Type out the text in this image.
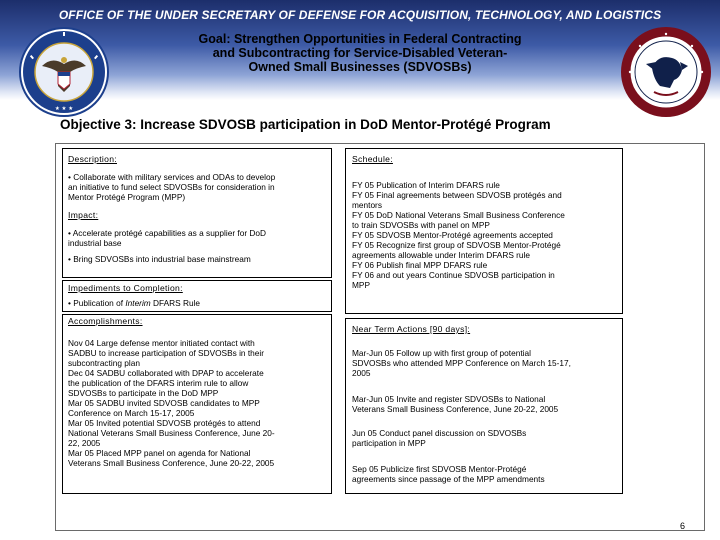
OFFICE OF THE UNDER SECRETARY OF DEFENSE FOR ACQUISITION, TECHNOLOGY, AND LOGISTICS
Goal: Strengthen Opportunities in Federal Contracting
and Subcontracting for Service-Disabled Veteran-
Owned Small Businesses (SDVOSBs)
★ ★ ★
Objective 3: Increase SDVOSB participation in DoD Mentor-Protégé Program
Description:
• Collaborate with military services and ODAs to develop
an initiative to fund select SDVOSBs for consideration in
Mentor Protégé Program (MPP)
Impact:
• Accelerate protégé capabilities as a supplier for DoD
industrial base
• Bring SDVOSBs into industrial base mainstream
Impediments to Completion:
• Publication of Interim DFARS Rule
Accomplishments:
Nov 04 Large defense mentor initiated contact with
SADBU to increase participation of SDVOSBs in their
subcontracting plan
Dec 04 SADBU collaborated with DPAP to accelerate
the publication of the DFARS interim rule to allow
SDVOSBs to participate in the DoD MPP
Mar 05 SADBU invited SDVOSB candidates to MPP
Conference on March 15-17, 2005
Mar 05 Invited potential SDVOSB protégés to attend
National Veterans Small Business Conference, June 20-
22, 2005
Mar 05 Placed MPP panel on agenda for National
Veterans Small Business Conference, June 20-22, 2005
Schedule:
FY 05 Publication of Interim DFARS rule
FY 05 Final agreements between SDVOSB protégés and
mentors
FY 05 DoD National Veterans Small Business Conference
to train SDVOSBs with panel on MPP
FY 05 SDVOSB Mentor-Protégé agreements accepted
FY 05 Recognize first group of SDVOSB Mentor-Protégé
agreements allowable under Interim DFARS rule
FY 06 Publish final MPP DFARS rule
FY 06 and out years Continue SDVOSB participation in
MPP
Near Term Actions [90 days]:
Mar-Jun 05 Follow up with first group of potential
SDVOSBs who attended MPP Conference on March 15-17,
2005
Mar-Jun 05 Invite and register SDVOSBs to National
Veterans Small Business Conference, June 20-22, 2005
Jun 05 Conduct panel discussion on SDVOSBs
participation in MPP
Sep 05 Publicize first SDVOSB Mentor-Protégé
agreements since passage of the MPP amendments
6
